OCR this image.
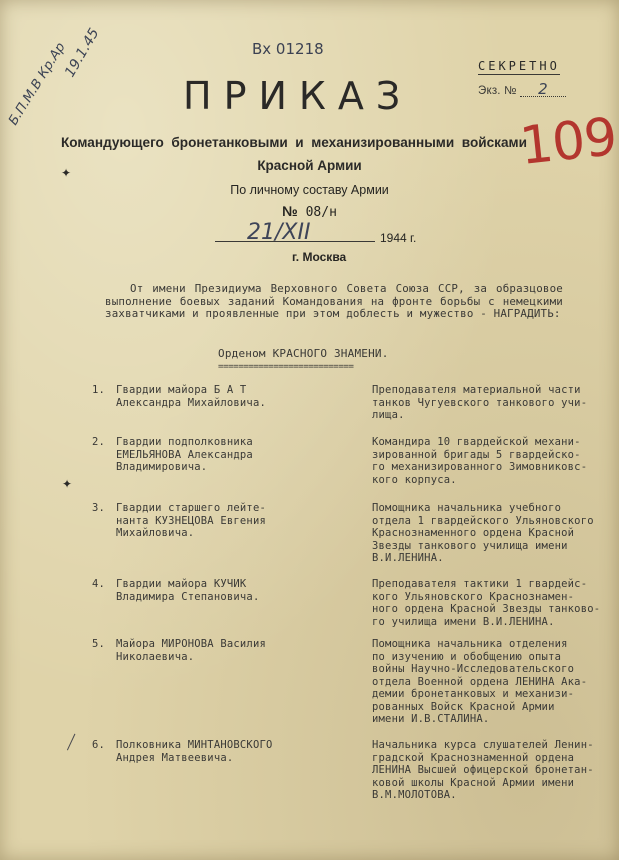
Б.П.М.В Кр.Ар
19.1.45	Вх 01218
СЕКРЕТНО
Экз. № 2
109
ПРИКАЗ
Командующего  бронетанковыми  и  механизированными  войсками
Красной Армии
По личному составу Армии
№ 08/н
21/XII	1944 г.
г. Москва
✦
✦
От имени Президиума Верховного Совета Союза ССР, за образцовое выполнение боевых заданий Командования на фронте борьбы с немецкими захватчиками и проявленные при этом доблесть и мужество - НАГРАДИТЬ:
Орденом КРАСНОГО ЗНАМЕНИ.
===========================
1.	Гвардии майора Б А Т
Александра Михайловича.
Преподавателя материальной части
танков Чугуевского танкового учи-
лища.
2.	Гвардии подполковника
ЕМЕЛЬЯНОВА Александра
Владимировича.
Командира 10 гвардейской механи-
зированной бригады 5 гвардейско-
го механизированного Зимовниковс-
кого корпуса.
3.	Гвардии старшего лейте-
нанта КУЗНЕЦОВА Евгения
Михайловича.
Помощника начальника учебного
отдела 1 гвардейского Ульяновского
Краснознаменного ордена Красной
Звезды танкового училища имени
В.И.ЛЕНИНА.
4.	Гвардии майора КУЧИК
Владимира Степановича.
Преподавателя тактики 1 гвардейс-
кого Ульяновского Краснознамен-
ного ордена Красной Звезды танково-
го училища имени В.И.ЛЕНИНА.
5.	Майора МИРОНОВА Василия
Николаевича.
Помощника начальника отделения
по изучению и обобщению опыта
войны Научно-Исследовательского
отдела Военной ордена ЛЕНИНА Ака-
демии бронетанковых и механизи-
рованных Войск Красной Армии
имени И.В.СТАЛИНА.
6.	Полковника МИНТАНОВСКОГО
Андрея Матвеевича.
Начальника курса слушателей Ленин-
градской Краснознаменной ордена
ЛЕНИНА Высшей офицерской бронетан-
ковой школы Красной Армии имени
В.М.МОЛОТОВА.
